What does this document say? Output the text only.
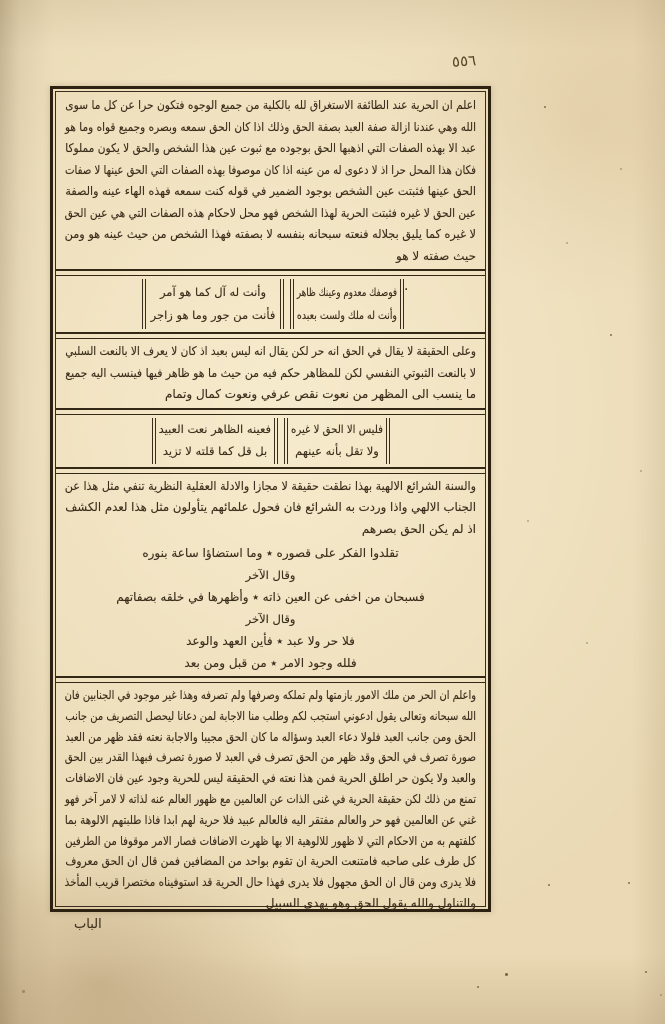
٥٥٦
اعلم ان الحرية عند الطائفة الاستغراق لله بالكلية من جميع الوجوه فتكون حرا عن كل ما سوى
الله وهي عندنا ازالة صفة العبد بصفة الحق وذلك اذا كان الحق سمعه وبصره وجميع قواه وما هو
عبد الا بهذه الصفات التي اذهبها الحق بوجوده مع ثبوت عين هذا الشخص والحق لا يكون مملوكا
فكان هذا المحل حرا اذ لا دعوى له من عينه اذا كان موصوفا بهذه الصفات التي الحق عينها لا صفات
الحق عينها فثبتت عين الشخص بوجود الضمير في قوله كنت سمعه فهذه الهاء عينه والصفة
عين الحق لا غيره فثبتت الحرية لهذا الشخص فهو محل لاحكام هذه الصفات التي هي عين الحق
لا غيره كما يليق بجلاله فنعته سبحانه بنفسه لا بصفته فهذا الشخص من حيث عينه هو ومن
حيث صفته لا هو
·
فوصفك معدوم وعينك ظاهر
وأنت له ملك ولست بعبده
وأنت له آل كما هو آمر
فأنت من جور وما هو زاجر
وعلى الحقيقة لا يقال في الحق انه حر لكن يقال انه ليس بعبد اذ كان لا يعرف الا بالنعت السلبي
لا بالنعت الثبوتي النفسي لكن للمظاهر حكم فيه من حيث ما هو ظاهر فيها فينسب اليه جميع
ما ينسب الى المظهر من نعوت نقص عرفي ونعوت كمال وتمام
فليس الا الحق لا غيره
ولا تقل بأنه عينهم
فعينه الظاهر نعت العبيد
بل قل كما قلته لا تزيد
والسنة الشرائع الالهية بهذا نطقت حقيقة لا مجازا والادلة العقلية النظرية تنفي مثل هذا عن
الجناب الالهي واذا وردت به الشرائع فان فحول علمائهم يتأولون مثل هذا لعدم الكشف
اذ لم يكن الحق بصرهم
تقلدوا الفكر على قصوره ٭ وما استضاؤا ساعة بنوره
وقال الآخر
فسبحان من اخفى عن العين ذاته ٭ وأظهرها في خلقه بصفاتهم
وقال الآخر
فلا حر ولا عبد ٭ فأين العهد والوعد
فلله وجود الامر ٭ من قبل ومن بعد
واعلم ان الحر من ملك الامور بازمتها ولم تملكه وصرفها ولم تصرفه وهذا غير موجود في الجنابين فان
الله سبحانه وتعالى يقول ادعوني استجب لكم وطلب منا الاجابة لمن دعانا ليحصل التصريف من جانب
الحق ومن جانب العبد فلولا دعاء العبد وسؤاله ما كان الحق مجيبا والاجابة نعته فقد ظهر من العبد
صورة تصرف في الحق وقد ظهر من الحق تصرف في العبد لا صورة تصرف فبهذا القدر بين الحق
والعبد ولا يكون حر اطلق الحرية فمن هذا نعته في الحقيقة ليس للحرية وجود عين فان الاضافات
تمنع من ذلك لكن حقيقة الحرية في غنى الذات عن العالمين مع ظهور العالم عنه لذاته لا لامر آخر فهو
غني عن العالمين فهو حر والعالم مفتقر اليه فالعالم عبيد فلا حرية لهم ابدا فاذا طلبتهم الالوهة بما
كلفتهم به من الاحكام التي لا ظهور للالوهية الا بها ظهرت الاضافات فصار الامر موقوفا من الطرفين
كل طرف على صاحبه فامتنعت الحرية ان تقوم بواحد من المضافين فمن قال ان الحق معروف
فلا يدرى ومن قال ان الحق مجهول فلا يدرى فهذا حال الحرية قد استوفيناه مختصرا قريب المأخذ
والتناول والله يقول الحق وهو يهدي السبيل
الباب
